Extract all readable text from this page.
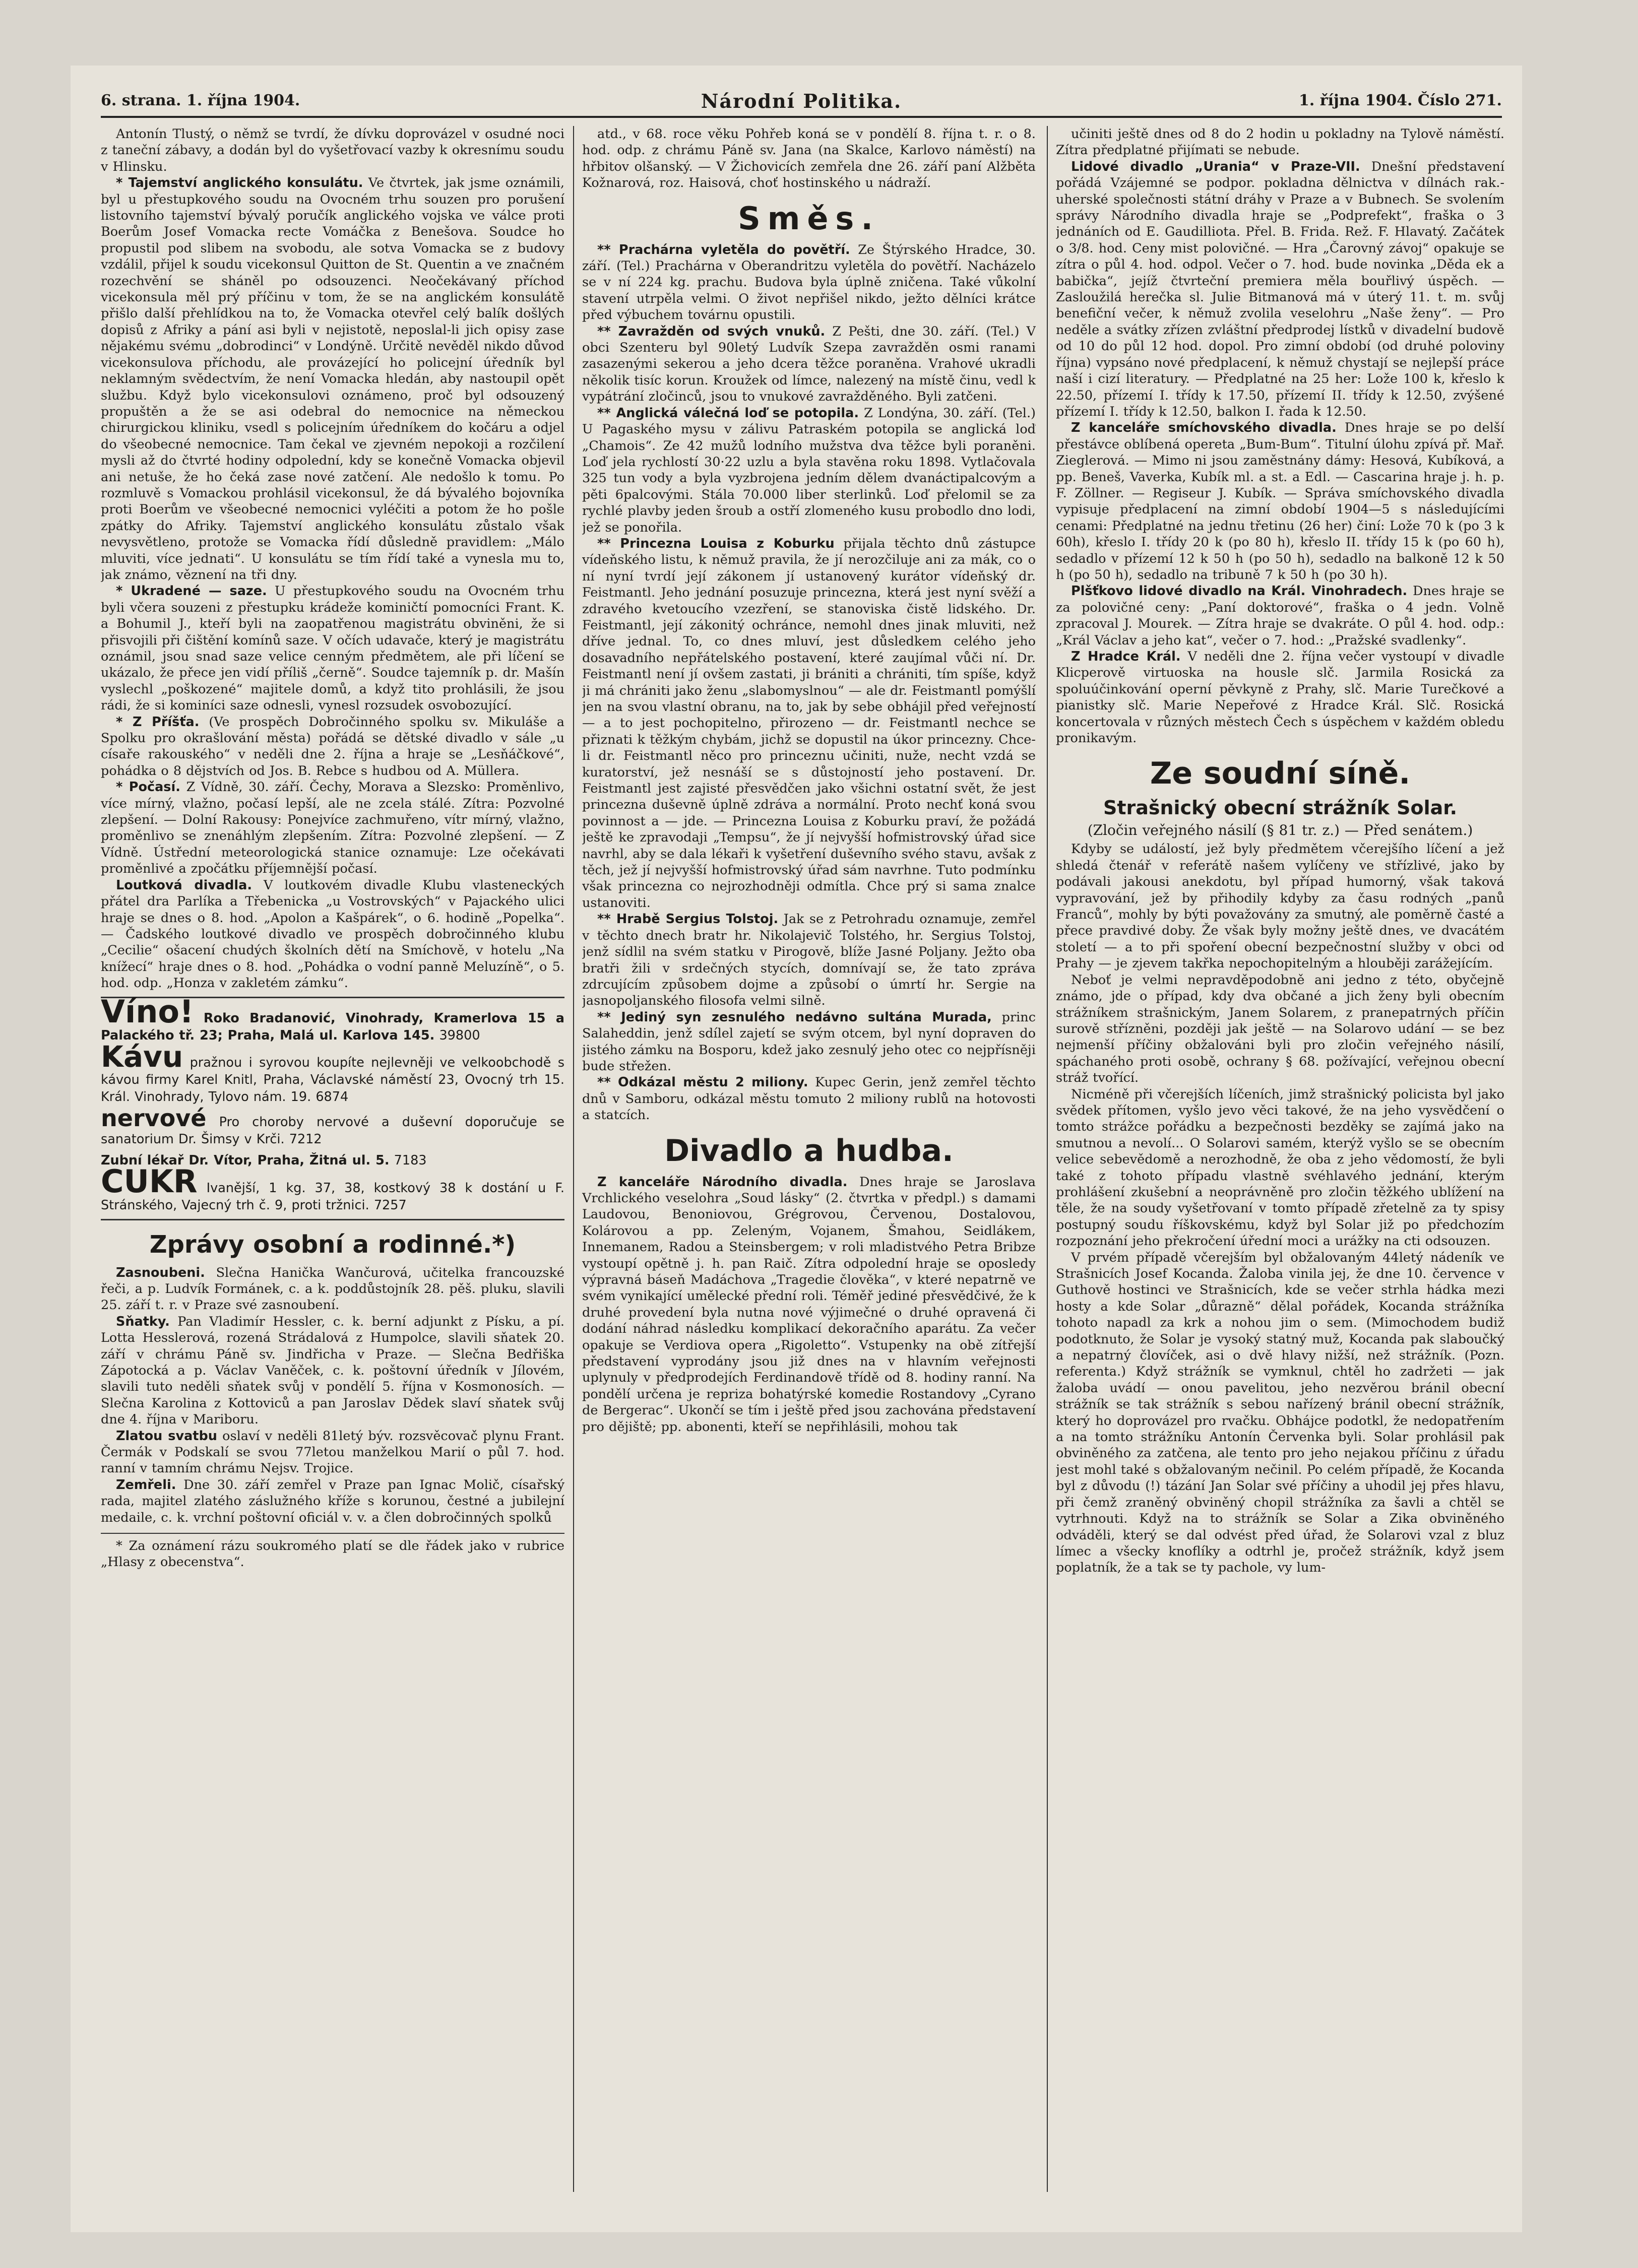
6. strana. 1. října 1904.	Národní Politika.	1. října 1904. Číslo 271.

Antonín Tlustý, o němž se tvrdí, že dívku doprovázel v osudné noci z taneční zábavy, a dodán byl do vyšetřovací vazby k okresnímu soudu v Hlinsku.

* Tajemství anglického konsulátu. Ve čtvrtek, jak jsme oznámili, byl u přestupkového soudu na Ovocném trhu souzen pro porušení listovního tajemství bývalý poručík anglického vojska ve válce proti Boerům Josef Vomacka recte Vomáčka z Benešova. Soudce ho propustil pod slibem na svobodu, ale sotva Vomacka se z budovy vzdálil, přijel k soudu vicekonsul Quitton de St. Quentin a ve značném rozechvění se sháněl po odsouzenci. Neočekávaný příchod vicekonsula měl prý příčinu v tom, že se na anglickém konsulátě přišlo další přehlídkou na to, že Vomacka otevřel celý balík došlých dopisů z Afriky a pání asi byli v nejistotě, neposlal-li jich opisy zase nějakému svému „dobrodinci“ v Londýně. Určitě nevěděl nikdo důvod vicekonsulova příchodu, ale provázející ho policejní úředník byl neklamným svědectvím, že není Vomacka hledán, aby nastoupil opět službu. Když bylo vicekonsulovi oznámeno, proč byl odsouzený propuštěn a že se asi odebral do nemocnice na německou chirurgickou kliniku, vsedl s policejním úředníkem do kočáru a odjel do všeobecné nemocnice. Tam čekal ve zjevném nepokoji a rozčilení mysli až do čtvrté hodiny odpolední, kdy se konečně Vomacka objevil ani netuše, že ho čeká zase nové zatčení. Ale nedošlo k tomu. Po rozmluvě s Vomackou prohlásil vicekonsul, že dá bývalého bojovníka proti Boerům ve všeobecné nemocnici vyléčiti a potom že ho pošle zpátky do Afriky. Tajemství anglického konsulátu zůstalo však nevysvětleno, protože se Vomacka řídí důsledně pravidlem: „Málo mluviti, více jednati“. U konsulátu se tím řídí také a vynesla mu to, jak známo, věznení na tři dny.

* Ukradené — saze. U přestupkového soudu na Ovocném trhu byli včera souzeni z přestupku krádeže kominičtí pomocníci Frant. K. a Bohumil J., kteří byli na zaopatřenou magistrátu obviněni, že si přisvojili při čištění komínů saze. V očích udavače, který je magistrátu oznámil, jsou snad saze velice cenným předmětem, ale při líčení se ukázalo, že přece jen vidí příliš „černě“. Soudce tajemník p. dr. Mašín vyslechl „poškozené“ majitele domů, a když tito prohlásili, že jsou rádi, že si kominíci saze odnesli, vynesl rozsudek osvobozující.

* Z Příšťa. (Ve prospěch Dobročinného spolku sv. Mikuláše a Spolku pro okrašlování města) pořádá se dětské divadlo v sále „u císaře rakouského“ v neděli dne 2. října a hraje se „Lesňáčkové“, pohádka o 8 dějstvích od Jos. B. Rebce s hudbou od A. Müllera.

* Počasí. Z Vídně, 30. září. Čechy, Morava a Slezsko: Proměnlivo, více mírný, vlažno, počasí lepší, ale ne zcela stálé. Zítra: Pozvolné zlepšení. — Dolní Rakousy: Ponejvíce zachmuřeno, vítr mírný, vlažno, proměnlivo se znenáhlým zlepšením. Zítra: Pozvolné zlepšení. — Z Vídně. Ústřední meteorologická stanice oznamuje: Lze očekávati proměnlivé a zpočátku příjemnější počasí.

Loutková divadla. V loutkovém divadle Klubu vlasteneckých přátel dra Parlíka a Třebenicka „u Vostrovských“ v Pajackého ulici hraje se dnes o 8. hod. „Apolon a Kašpárek“, o 6. hodině „Popelka“. — Čadského loutkové divadlo ve prospěch dobročinného klubu „Cecilie“ ošacení chudých školních dětí na Smíchově, v hotelu „Na knížecí“ hraje dnes o 8. hod. „Pohádka o vodní panně Meluzíně“, o 5. hod. odp. „Honza v zakletém zámku“.

Víno! Roko Bradanović, Vinohrady, Kramerlova 15 a Palackého tř. 23; Praha, Malá ul. Karlova 145. 39800

Kávu pražnou i syrovou koupíte nejlevněji ve velkoobchodě s kávou firmy Karel Knitl, Praha, Václavské náměstí 23, Ovocný trh 15. Král. Vinohrady, Tylovo nám. 19. 6874

nervové Pro choroby nervové a duševní doporučuje se sanatorium Dr. Šimsy v Krči. 7212

Zubní lékař Dr. Vítor, Praha, Žitná ul. 5. 7183

CUKR Ivanější, 1 kg. 37, 38, kostkový 38 k dostání u F. Stránského, Vajecný trh č. 9, proti tržnici. 7257

Zprávy osobní a rodinné.*)

Zasnoubeni. Slečna Hanička Wančurová, učitelka francouzské řeči, a p. Ludvík Formánek, c. a k. poddůstojník 28. pěš. pluku, slavili 25. září t. r. v Praze své zasnoubení.

Sňatky. Pan Vladimír Hessler, c. k. berní adjunkt z Písku, a pí. Lotta Hesslerová, rozená Strádalová z Humpolce, slavili sňatek 20. září v chrámu Páně sv. Jindřicha v Praze. — Slečna Bedřiška Zápotocká a p. Václav Vaněček, c. k. poštovní úředník v Jílovém, slavili tuto neděli sňatek svůj v pondělí 5. října v Kosmonosích. — Slečna Karolina z Kottoviců a pan Jaroslav Dědek slaví sňatek svůj dne 4. října v Mariboru.

Zlatou svatbu oslaví v neděli 81letý býv. rozsvěcovač plynu Frant. Čermák v Podskalí se svou 77letou manželkou Marií o půl 7. hod. ranní v tamním chrámu Nejsv. Trojice.

Zemřeli. Dne 30. září zemřel v Praze pan Ignac Molič, císařský rada, majitel zlatého záslužného kříže s korunou, čestné a jubilejní medaile, c. k. vrchní poštovní oficiál v. v. a člen dobročinných spolků

* Za oznámení rázu soukromého platí se dle řádek jako v rubrice „Hlasy z obecenstva“.

atd., v 68. roce věku Pohřeb koná se v pondělí 8. října t. r. o 8. hod. odp. z chrámu Páně sv. Jana (na Skalce, Karlovo náměstí) na hřbitov olšanský. — V Žichovicích zemřela dne 26. září paní Alžběta Kožnarová, roz. Haisová, choť hostinského u nádraží.

Směs.

** Prachárna vyletěla do povětří. Ze Štýrského Hradce, 30. září. (Tel.) Prachárna v Oberandritzu vyletěla do povětří. Nacházelo se v ní 224 kg. prachu. Budova byla úplně zničena. Také vůkolní stavení utrpěla velmi. O život nepřišel nikdo, ježto dělníci krátce před výbuchem továrnu opustili.

** Zavražděn od svých vnuků. Z Pešti, dne 30. září. (Tel.) V obci Szenteru byl 90letý Ludvík Szepa zavražděn osmi ranami zasazenými sekerou a jeho dcera těžce poraněna. Vrahové ukradli několik tisíc korun. Kroužek od límce, nalezený na místě činu, vedl k vypátrání zločinců, jsou to vnukové zavražděného. Byli zatčeni.

** Anglická válečná loď se potopila. Z Londýna, 30. září. (Tel.) U Pagaského mysu v zálivu Patraském potopila se anglická loď „Chamois“. Ze 42 mužů lodního mužstva dva těžce byli poraněni. Loď jela rychlostí 30·22 uzlu a byla stavěna roku 1898. Vytlačovala 325 tun vody a byla vyzbrojena jedním dělem dvanáctipalcovým a pěti 6palcovými. Stála 70.000 liber sterlinků. Loď přelomil se za rychlé plavby jeden šroub a ostří zlomeného kusu probodlo dno lodi, jež se ponořila.

** Princezna Louisa z Koburku přijala těchto dnů zástupce vídeňského listu, k němuž pravila, že jí nerozčiluje ani za mák, co o ní nyní tvrdí její zákonem jí ustanovený kurátor vídeňský dr. Feistmantl. Jeho jednání posuzuje princezna, která jest nyní svěží a zdravého kvetoucího vzezření, se stanoviska čistě lidského. Dr. Feistmantl, její zákonitý ochránce, nemohl dnes jinak mluviti, než dříve jednal. To, co dnes mluví, jest důsledkem celého jeho dosavadního nepřátelského postavení, které zaujímal vůči ní. Dr. Feistmantl není jí ovšem zastati, ji brániti a chrániti, tím spíše, když ji má chrániti jako ženu „slabomyslnou“ — ale dr. Feistmantl pomýšlí jen na svou vlastní obranu, na to, jak by sebe obhájil před veřejností — a to jest pochopitelno, přirozeno — dr. Feistmantl nechce se přiznati k těžkým chybám, jichž se dopustil na úkor princezny. Chce-li dr. Feistmantl něco pro princeznu učiniti, nuže, necht vzdá se kuratorství, jež nesnáší se s důstojností jeho postavení. Dr. Feistmantl jest zajisté přesvědčen jako všichni ostatní svět, že jest princezna duševně úplně zdráva a normální. Proto nechť koná svou povinnost a — jde. — Princezna Louisa z Koburku praví, že požádá ještě ke zpravodaji „Tempsu“, že jí nejvyšší hofmistrovský úřad sice navrhl, aby se dala lékaři k vyšetření duševního svého stavu, avšak z těch, jež jí nejvyšší hofmistrovský úřad sám navrhne. Tuto podmínku však princezna co nejrozhodněji odmítla. Chce prý si sama znalce ustanoviti.

** Hrabě Sergius Tolstoj. Jak se z Petrohradu oznamuje, zemřel v těchto dnech bratr hr. Nikolajevič Tolstého, hr. Sergius Tolstoj, jenž sídlil na svém statku v Pirogově, blíže Jasné Poljany. Ježto oba bratři žili v srdečných stycích, domnívají se, že tato zpráva zdrcujícím způsobem dojme a způsobí o úmrtí hr. Sergie na jasnopoljanského filosofa velmi silně.

** Jediný syn zesnulého nedávno sultána Murada, princ Salaheddin, jenž sdílel zajetí se svým otcem, byl nyní dopraven do jistého zámku na Bosporu, kdež jako zesnulý jeho otec co nejpřísněji bude střežen.

** Odkázal městu 2 miliony. Kupec Gerin, jenž zemřel těchto dnů v Samboru, odkázal městu tomuto 2 miliony rublů na hotovosti a statcích.

Divadlo a hudba.

Z kanceláře Národního divadla. Dnes hraje se Jaroslava Vrchlického veselohra „Soud lásky“ (2. čtvrtka v předpl.) s damami Laudovou, Benoniovou, Grégrovou, Červenou, Dostalovou, Kolárovou a pp. Zeleným, Vojanem, Šmahou, Seidlákem, Innemanem, Radou a Steinsbergem; v roli mladistvého Petra Bribze vystoupí opětně j. h. pan Raič. Zítra odpolední hraje se oposledy výpravná báseň Madáchova „Tragedie člověka“, v které nepatrně ve svém vynikající umělecké přední roli. Téměř jediné přesvědčivé, že k druhé provedení byla nutna nové výjimečné o druhé opravená či dodání náhrad následku komplikací dekoračního aparátu. Za večer opakuje se Verdiova opera „Rigoletto“. Vstupenky na obě zítřejší představení vyprodány jsou již dnes na v hlavním veřejnosti uplynuly v předprodejích Ferdinandově třídě od 8. hodiny ranní. Na pondělí určena je repriza bohatýrské komedie Rostandovy „Cyrano de Bergerac“. Ukončí se tím i ještě před jsou zachována představení pro dějiště; pp. abonenti, kteří se nepřihlásili, mohou tak

učiniti ještě dnes od 8 do 2 hodin u pokladny na Tylově náměstí. Zítra předplatné přijímati se nebude.

Lidové divadlo „Urania“ v Praze-VII. Dnešní představení pořádá Vzájemné se podpor. pokladna dělnictva v dílnách rak.-uherské společnosti státní dráhy v Praze a v Bubnech. Se svolením správy Národního divadla hraje se „Podprefekt“, fraška o 3 jednáních od E. Gaudilliota. Přel. B. Frida. Rež. F. Hlavatý. Začátek o 3/8. hod. Ceny mist polovičné. — Hra „Čarovný závoj“ opakuje se zítra o půl 4. hod. odpol. Večer o 7. hod. bude novinka „Děda ek a babička“, jejíž čtvrteční premiera měla bouřlivý úspěch. — Zasloužilá herečka sl. Julie Bitmanová má v úterý 11. t. m. svůj benefiční večer, k němuž zvolila veselohru „Naše ženy“. — Pro neděle a svátky zřízen zvláštní předprodej lístků v divadelní budově od 10 do půl 12 hod. dopol. Pro zimní období (od druhé poloviny října) vypsáno nové předplacení, k němuž chystají se nejlepší práce naší i cizí literatury. — Předplatné na 25 her: Lože 100 k, křeslo k 22.50, přízemí I. třídy k 17.50, přízemí II. třídy k 12.50, zvýšené přízemí I. třídy k 12.50, balkon I. řada k 12.50.

Z kanceláře smíchovského divadla. Dnes hraje se po delší přestávce oblíbená opereta „Bum-Bum“. Titulní úlohu zpívá př. Mař. Zieglerová. — Mimo ni jsou zaměstnány dámy: Hesová, Kubíková, a pp. Beneš, Vaverka, Kubík ml. a st. a Edl. — Cascarina hraje j. h. p. F. Zöllner. — Regiseur J. Kubík. — Správa smíchovského divadla vypisuje předplacení na zimní období 1904—5 s následujícími cenami: Předplatné na jednu třetinu (26 her) činí: Lože 70 k (po 3 k 60h), křeslo I. třídy 20 k (po 80 h), křeslo II. třídy 15 k (po 60 h), sedadlo v přízemí 12 k 50 h (po 50 h), sedadlo na balkoně 12 k 50 h (po 50 h), sedadlo na tribuně 7 k 50 h (po 30 h).

Plšťkovo lidové divadlo na Král. Vinohradech. Dnes hraje se za polovičné ceny: „Paní doktorové“, fraška o 4 jedn. Volně zpracoval J. Mourek. — Zítra hraje se dvakráte. O půl 4. hod. odp.: „Král Václav a jeho kat“, večer o 7. hod.: „Pražské svadlenky“.

Z Hradce Král. V neděli dne 2. října večer vystoupí v divadle Klicperově virtuoska na housle slč. Jarmila Rosická za spoluúčinkování operní pěvkyně z Prahy, slč. Marie Turečkové a pianistky slč. Marie Nepeřové z Hradce Král. Slč. Rosická koncertovala v různých městech Čech s úspěchem v každém obledu pronikavým.

Ze soudní síně.
Strašnický obecní strážník Solar.
(Zločin veřejného násilí (§ 81 tr. z.) — Před senátem.)

Kdyby se událostí, jež byly předmětem včerejšího líčení a jež shledá čtenář v referátě našem vylíčeny ve střízlivé, jako by podávali jakousi anekdotu, byl případ humorný, však taková vypravování, jež by přihodily kdyby za času rodných „panů Franců“, mohly by býti považovány za smutný, ale poměrně časté a přece pravdivé doby. Že však byly možny ještě dnes, ve dvacátém století — a to při spoření obecní bezpečnostní služby v obci od Prahy — je zjevem takřka nepochopitelným a hlouběji zarážejícím.

Neboť je velmi nepravděpodobně ani jedno z této, obyčejně známo, jde o případ, kdy dva občané a jich ženy byli obecním strážníkem strašnickým, Janem Solarem, z pranepatrných příčin surově střízněni, později jak ještě — na Solarovo udání — se bez nejmenší příčiny obžalováni byli pro zločin veřejného násilí, spáchaného proti osobě, ochrany § 68. požívající, veřejnou obecní stráž tvořící.

Nicméně při včerejších líčeních, jimž strašnický policista byl jako svědek přítomen, vyšlo jevo věci takové, že na jeho vysvědčení o tomto strážce pořádku a bezpečnosti bezděky se zajímá jako na smutnou a nevolí... O Solarovi samém, kterýž vyšlo se se obecním velice sebevědomě a nerozhodně, že oba z jeho vědomostí, že byli také z tohoto případu vlastně svéhlavého jednání, kterým prohlášení zkušební a neoprávněně pro zločin těžkého ublížení na těle, že na soudy vyšetřovaní v tomto případě zřetelně za ty spisy postupný soudu říškovskému, když byl Solar již po předchozím rozpoznání jeho překročení úřední moci a urážky na cti odsouzen.

V prvém případě včerejším byl obžalovaným 44letý nádeník ve Strašnicích Josef Kocanda. Žaloba vinila jej, že dne 10. července v Guthově hostinci ve Strašnicích, kde se večer strhla hádka mezi hosty a kde Solar „důrazně“ dělal pořádek, Kocanda strážníka tohoto napadl za krk a nohou jim o sem. (Mimochodem budiž podotknuto, že Solar je vysoký statný muž, Kocanda pak slaboučký a nepatrný človíček, asi o dvě hlavy nižší, než strážník. (Pozn. referenta.) Když strážník se vymknul, chtěl ho zadržeti — jak žaloba uvádí — onou pavelitou, jeho nezvěrou bránil obecní strážník se tak strážník s sebou nařízený bránil obecní strážník, který ho doprovázel pro rvačku. Obhájce podotkl, že nedopatřením a na tomto strážníku Antonín Červenka byli. Solar prohlásil pak obviněného za zatčena, ale tento pro jeho nejakou příčinu z úřadu jest mohl také s obžalovaným nečinil. Po celém případě, že Kocanda byl z důvodu (!) tázání Jan Solar své příčiny a uhodil jej přes hlavu, při čemž zraněný obviněný chopil strážníka za šavli a chtěl se vytrhnouti. Když na to strážník se Solar a Zika obviněného odváděli, který se dal odvést před úřad, že Solarovi vzal z bluz límec a všecky knoflíky a odtrhl je, pročež strážník, když jsem poplatník, že a tak se ty pachole, vy lum-
